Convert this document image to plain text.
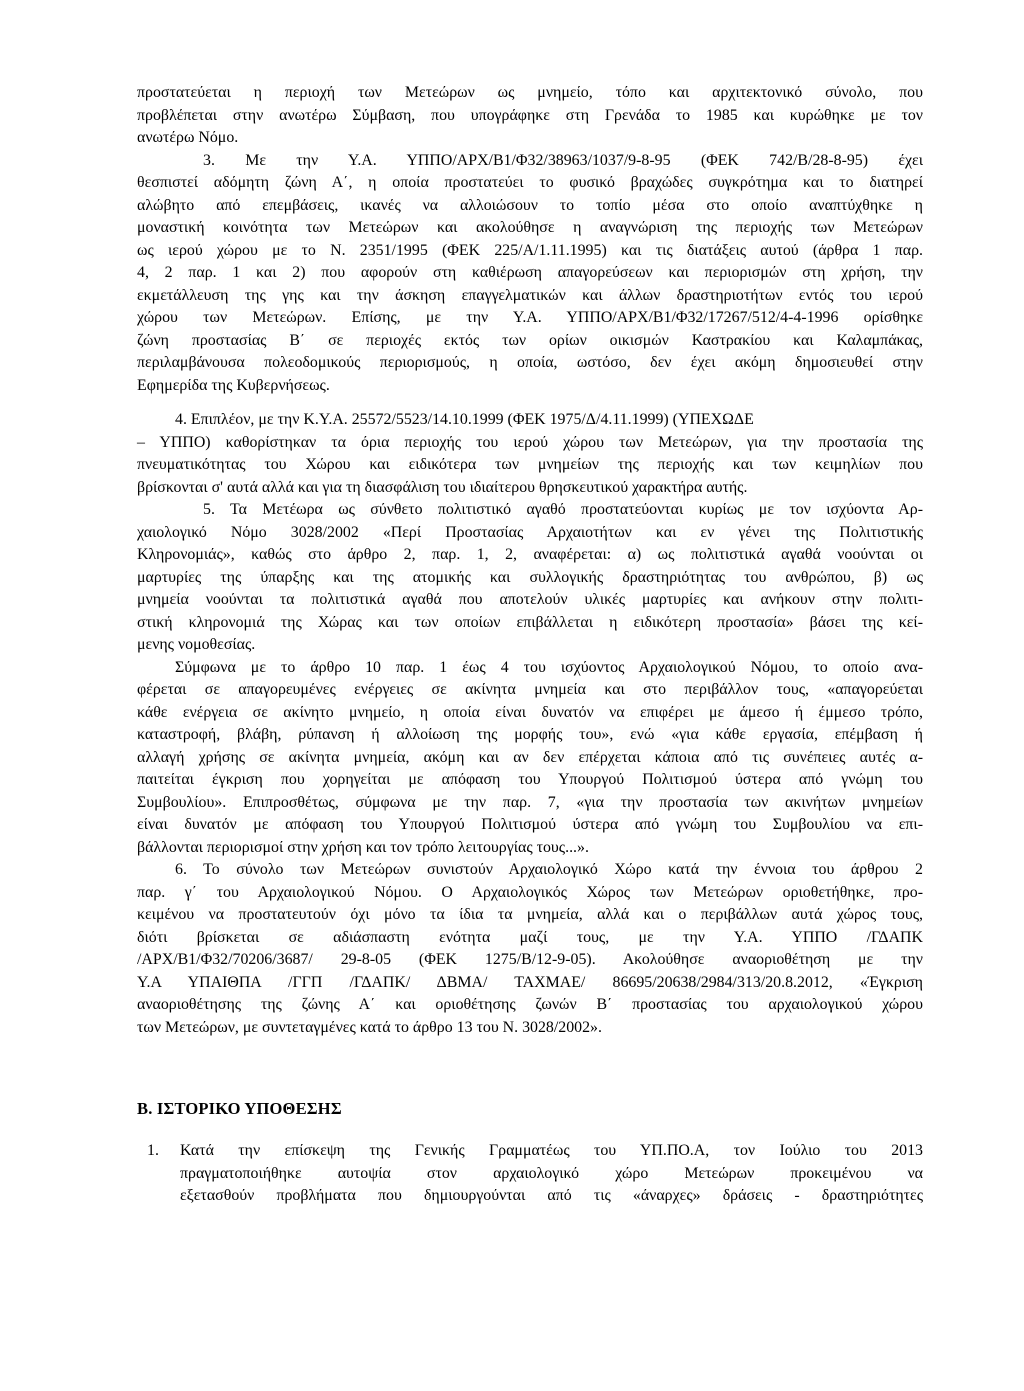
προστατεύεται η περιοχή των Μετεώρων ως μνημείο, τόπο και αρχιτεκτονικό σύνολο, που
προβλέπεται στην ανωτέρω Σύμβαση, που υπογράφηκε στη Γρενάδα το 1985 και κυρώθηκε με τον
ανωτέρω Νόμο.
3. Με την Υ.Α. ΥΠΠΟ/ΑΡΧ/Β1/Φ32/38963/1037/9-8-95 (ΦΕΚ 742/Β/28-8-95) έχει
θεσπιστεί αδόμητη ζώνη Α΄, η οποία προστατεύει το φυσικό βραχώδες συγκρότημα και το διατηρεί
αλώβητο από επεμβάσεις, ικανές να αλλοιώσουν το τοπίο μέσα στο οποίο αναπτύχθηκε η
μοναστική κοινότητα των Μετεώρων και ακολούθησε η αναγνώριση της περιοχής των Μετεώρων
ως ιερού χώρου με το Ν. 2351/1995 (ΦΕΚ 225/Α/1.11.1995) και τις διατάξεις αυτού (άρθρα 1 παρ.
4, 2 παρ. 1 και 2) που αφορούν στη καθιέρωση απαγορεύσεων και περιορισμών στη χρήση, την
εκμετάλλευση της γης και την άσκηση επαγγελματικών και άλλων δραστηριοτήτων εντός του ιερού
χώρου των Μετεώρων. Επίσης, με την Υ.Α. ΥΠΠΟ/ΑΡΧ/Β1/Φ32/17267/512/4-4-1996 ορίσθηκε
ζώνη προστασίας Β΄ σε περιοχές εκτός των ορίων οικισμών Καστρακίου και Καλαμπάκας,
περιλαμβάνουσα πολεοδομικούς περιορισμούς, η οποία, ωστόσο, δεν έχει ακόμη δημοσιευθεί στην
Εφημερίδα της Κυβερνήσεως.
4. Επιπλέον, με την Κ.Υ.Α. 25572/5523/14.10.1999 (ΦΕΚ 1975/Δ/4.11.1999) (ΥΠΕΧΩΔΕ
– ΥΠΠΟ) καθορίστηκαν τα όρια περιοχής του ιερού χώρου των Μετεώρων, για την προστασία της
πνευματικότητας του Χώρου και ειδικότερα των μνημείων της περιοχής και των κειμηλίων που
βρίσκονται σ' αυτά αλλά και για τη διασφάλιση του ιδιαίτερου θρησκευτικού χαρακτήρα αυτής.
5. Τα Μετέωρα ως σύνθετο πολιτιστικό αγαθό προστατεύονται κυρίως με τον ισχύοντα Αρ-
χαιολογικό Νόμο 3028/2002 «Περί Προστασίας Αρχαιοτήτων και εν γένει της Πολιτιστικής
Κληρονομιάς», καθώς στο άρθρο 2, παρ. 1, 2, αναφέρεται: α) ως πολιτιστικά αγαθά νοούνται οι
μαρτυρίες της ύπαρξης και της ατομικής και συλλογικής δραστηριότητας του ανθρώπου, β) ως
μνημεία νοούνται τα πολιτιστικά αγαθά που αποτελούν υλικές μαρτυρίες και ανήκουν στην πολιτι-
στική κληρονομιά της Χώρας και των οποίων επιβάλλεται η ειδικότερη προστασία» βάσει της κεί-
μενης νομοθεσίας.
Σύμφωνα με το άρθρο 10 παρ. 1 έως 4 του ισχύοντος Αρχαιολογικού Νόμου, το οποίο ανα-
φέρεται σε απαγορευμένες ενέργειες σε ακίνητα μνημεία και στο περιβάλλον τους, «απαγορεύεται
κάθε ενέργεια σε ακίνητο μνημείο, η οποία είναι δυνατόν να επιφέρει με άμεσο ή έμμεσο τρόπο,
καταστροφή, βλάβη, ρύπανση ή αλλοίωση της μορφής του», ενώ «για κάθε εργασία, επέμβαση ή
αλλαγή χρήσης σε ακίνητα μνημεία, ακόμη και αν δεν επέρχεται κάποια από τις συνέπειες αυτές α-
παιτείται έγκριση που χορηγείται με απόφαση του Υπουργού Πολιτισμού ύστερα από γνώμη του
Συμβουλίου». Επιπροσθέτως, σύμφωνα με την παρ. 7, «για την προστασία των ακινήτων μνημείων
είναι δυνατόν με απόφαση του Υπουργού Πολιτισμού ύστερα από γνώμη του Συμβουλίου να επι-
βάλλονται περιορισμοί στην χρήση και τον τρόπο λειτουργίας τους...».
6. Το σύνολο των Μετεώρων συνιστούν Αρχαιολογικό Χώρο κατά την έννοια του άρθρου 2
παρ. γ΄ του Αρχαιολογικού Νόμου. Ο Αρχαιολογικός Χώρος των Μετεώρων οριοθετήθηκε, προ-
κειμένου να προστατευτούν όχι μόνο τα ίδια τα μνημεία, αλλά και ο περιβάλλων αυτά χώρος τους,
διότι βρίσκεται σε αδιάσπαστη ενότητα μαζί τους, με την Υ.Α. ΥΠΠΟ /ΓΔΑΠΚ
/ΑΡΧ/Β1/Φ32/70206/3687/ 29-8-05 (ΦΕΚ 1275/Β/12-9-05). Ακολούθησε αναοριοθέτηση με την
Υ.Α ΥΠΑΙΘΠΑ /ΓΓΠ /ΓΔΑΠΚ/ ΔΒΜΑ/ ΤΑΧΜΑΕ/ 86695/20638/2984/313/20.8.2012, «Έγκριση
αναοριοθέτησης της ζώνης Α΄ και οριοθέτησης ζωνών Β΄ προστασίας του αρχαιολογικού χώρου
των Μετεώρων, με συντεταγμένες κατά το άρθρο 13 του Ν. 3028/2002».
Β. ΙΣΤΟΡΙΚΟ ΥΠΟΘΕΣΗΣ
1. Κατά την επίσκεψη της Γενικής Γραμματέως του ΥΠ.ΠΟ.Α, τον Ιούλιο του 2013
πραγματοποιήθηκε αυτοψία στον αρχαιολογικό χώρο Μετεώρων προκειμένου να
εξετασθούν προβλήματα που δημιουργούνται από τις «άναρχες» δράσεις - δραστηριότητες
